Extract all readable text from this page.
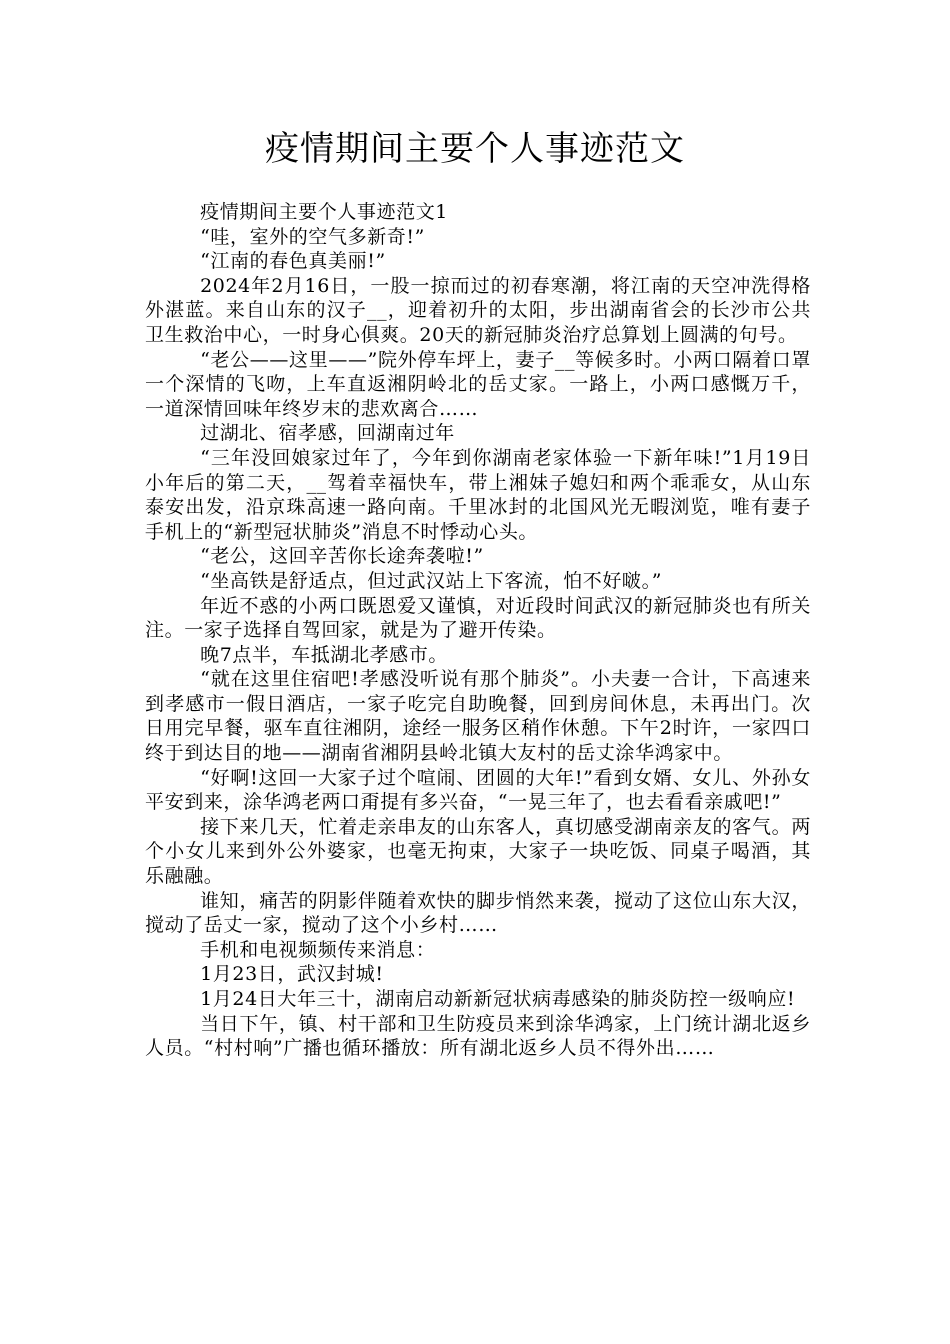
疫情期间主要个人事迹范文

疫情期间主要个人事迹范文1

“哇，室外的空气多新奇!”

“江南的春色真美丽!”

2024年2月16日，一股一掠而过的初春寒潮，将江南的天空冲洗得格外湛蓝。来自山东的汉子__，迎着初升的太阳，步出湖南省会的长沙市公共卫生救治中心，一时身心俱爽。20天的新冠肺炎治疗总算划上圆满的句号。

“老公——这里——”院外停车坪上，妻子__等候多时。小两口隔着口罩一个深情的飞吻，上车直返湘阴岭北的岳丈家。一路上，小两口感慨万千，一道深情回味年终岁末的悲欢离合……

过湖北、宿孝感，回湖南过年

“三年没回娘家过年了，今年到你湖南老家体验一下新年味!”1月19日小年后的第二天，__驾着幸福快车，带上湘妹子媳妇和两个乖乖女，从山东泰安出发，沿京珠高速一路向南。千里冰封的北国风光无暇浏览，唯有妻子手机上的“新型冠状肺炎”消息不时悸动心头。

“老公，这回辛苦你长途奔袭啦!”

“坐高铁是舒适点，但过武汉站上下客流，怕不好啵。”

年近不惑的小两口既恩爱又谨慎，对近段时间武汉的新冠肺炎也有所关注。一家子选择自驾回家，就是为了避开传染。

晚7点半，车抵湖北孝感市。

“就在这里住宿吧!孝感没听说有那个肺炎”。小夫妻一合计，下高速来到孝感市一假日酒店，一家子吃完自助晚餐，回到房间休息，未再出门。次日用完早餐，驱车直往湘阴，途经一服务区稍作休憩。下午2时许，一家四口终于到达目的地——湖南省湘阴县岭北镇大友村的岳丈涂华鸿家中。

“好啊!这回一大家子过个喧闹、团圆的大年!”看到女婿、女儿、外孙女平安到来，涂华鸿老两口甭提有多兴奋，“一晃三年了，也去看看亲戚吧!”

接下来几天，忙着走亲串友的山东客人，真切感受湖南亲友的客气。两个小女儿来到外公外婆家，也毫无拘束，大家子一块吃饭、同桌子喝酒，其乐融融。

谁知，痛苦的阴影伴随着欢快的脚步悄然来袭，搅动了这位山东大汉，搅动了岳丈一家，搅动了这个小乡村……

手机和电视频频传来消息：

1月23日，武汉封城!

1月24日大年三十，湖南启动新新冠状病毒感染的肺炎防控一级响应!

当日下午，镇、村干部和卫生防疫员来到涂华鸿家，上门统计湖北返乡人员。“村村响”广播也循环播放：所有湖北返乡人员不得外出……
